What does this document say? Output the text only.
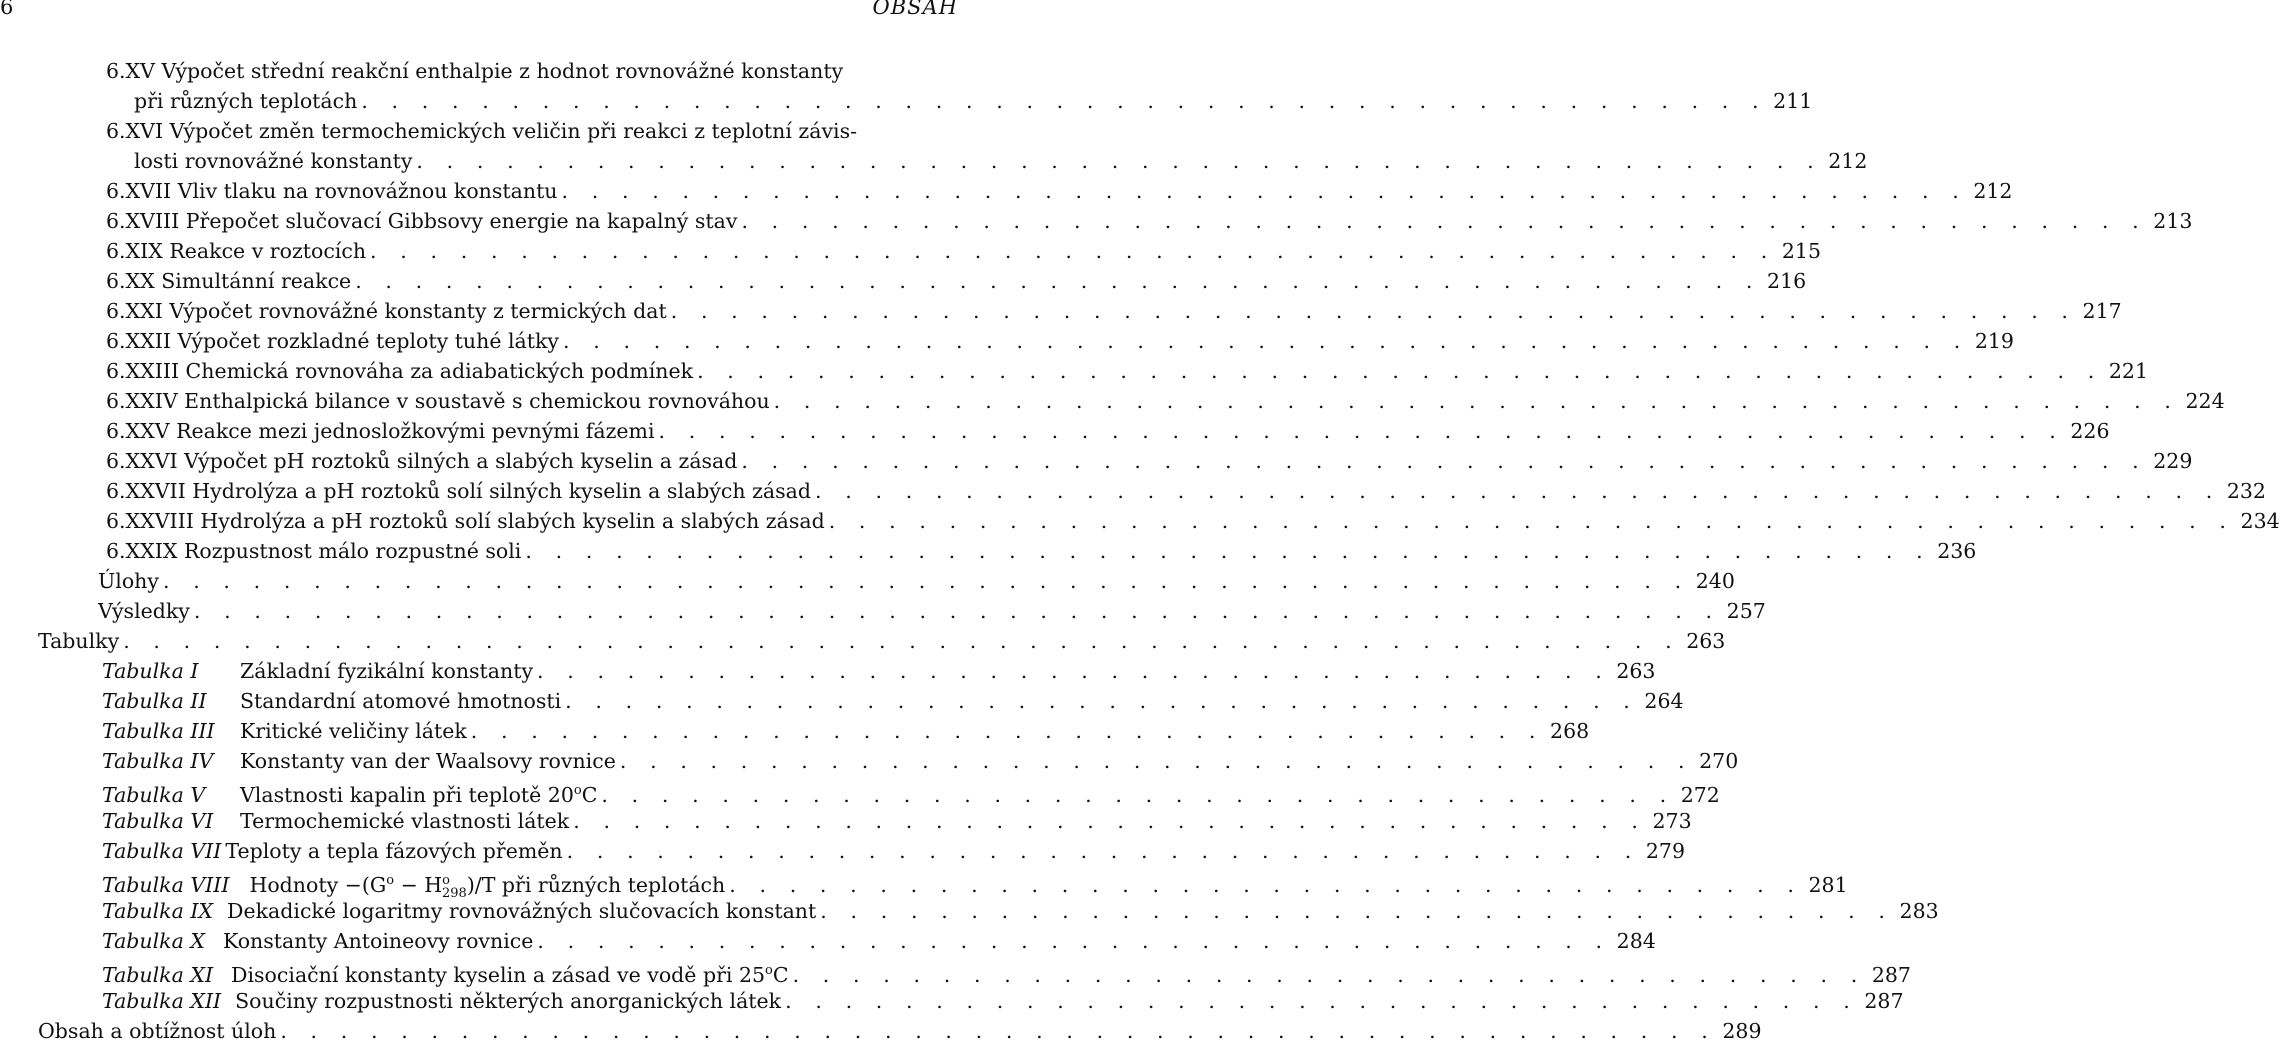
6	OBSAH
6.XV Výpočet střední reakční enthalpie z hodnot rovnovážné konstanty
při různých teplotách . . . . . . . . . . . . . . . . . . . . . . . . . . . . . . . . . . . . . . . . . . . . . . . 211
6.XVI Výpočet změn termochemických veličin při reakci z teplotní závis-
losti rovnovážné konstanty . . . . . . . . . . . . . . . . . . . . . . . . . . . . . . . . . . . . . . . . . . . . . . . 212
6.XVII Vliv tlaku na rovnovážnou konstantu . . . . . . . . . . . . . . . . . . . . . . . . . . . . . . . . . . . . . . . . . . . . . . . 212
6.XVIII Přepočet slučovací Gibbsovy energie na kapalný stav . . . . . . . . . . . . . . . . . . . . . . . . . . . . . . . . . . . . . . . . . . . . . . . 213
6.XIX Reakce v roztocích . . . . . . . . . . . . . . . . . . . . . . . . . . . . . . . . . . . . . . . . . . . . . . . 215
6.XX Simultánní reakce . . . . . . . . . . . . . . . . . . . . . . . . . . . . . . . . . . . . . . . . . . . . . . . 216
6.XXI Výpočet rovnovážné konstanty z termických dat . . . . . . . . . . . . . . . . . . . . . . . . . . . . . . . . . . . . . . . . . . . . . . . 217
6.XXII Výpočet rozkladné teploty tuhé látky . . . . . . . . . . . . . . . . . . . . . . . . . . . . . . . . . . . . . . . . . . . . . . . 219
6.XXIII Chemická rovnováha za adiabatických podmínek . . . . . . . . . . . . . . . . . . . . . . . . . . . . . . . . . . . . . . . . . . . . . . . 221
6.XXIV Enthalpická bilance v soustavě s chemickou rovnováhou . . . . . . . . . . . . . . . . . . . . . . . . . . . . . . . . . . . . . . . . . . . . . . . 224
6.XXV Reakce mezi jednosložkovými pevnými fázemi . . . . . . . . . . . . . . . . . . . . . . . . . . . . . . . . . . . . . . . . . . . . . . . 226
6.XXVI Výpočet pH roztoků silných a slabých kyselin a zásad . . . . . . . . . . . . . . . . . . . . . . . . . . . . . . . . . . . . . . . . . . . . . . . 229
6.XXVII Hydrolýza a pH roztoků solí silných kyselin a slabých zásad . . . . . . . . . . . . . . . . . . . . . . . . . . . . . . . . . . . . . . . . . . . . . . . 232
6.XXVIII Hydrolýza a pH roztoků solí slabých kyselin a slabých zásad . . . . . . . . . . . . . . . . . . . . . . . . . . . . . . . . . . . . . . . . . . . . . . . 234
6.XXIX Rozpustnost málo rozpustné soli . . . . . . . . . . . . . . . . . . . . . . . . . . . . . . . . . . . . . . . . . . . . . . . 236
Úlohy . . . . . . . . . . . . . . . . . . . . . . . . . . . . . . . . . . . . . . . . . . . . . . . . . . . 240
Výsledky . . . . . . . . . . . . . . . . . . . . . . . . . . . . . . . . . . . . . . . . . . . . . . . . . . . 257
Tabulky . . . . . . . . . . . . . . . . . . . . . . . . . . . . . . . . . . . . . . . . . . . . . . . . . . . . 263
Tabulka I Základní fyzikální konstanty . . . . . . . . . . . . . . . . . . . . . . . . . . . . . . . . . . . . 263
Tabulka II Standardní atomové hmotnosti . . . . . . . . . . . . . . . . . . . . . . . . . . . . . . . . . . . . 264
Tabulka III Kritické veličiny látek . . . . . . . . . . . . . . . . . . . . . . . . . . . . . . . . . . . . 268
Tabulka IV Konstanty van der Waalsovy rovnice . . . . . . . . . . . . . . . . . . . . . . . . . . . . . . . . . . . . 270
Tabulka V Vlastnosti kapalin při teplotě 20$^o$C . . . . . . . . . . . . . . . . . . . . . . . . . . . . . . . . . . . . 272
Tabulka VI Termochemické vlastnosti látek . . . . . . . . . . . . . . . . . . . . . . . . . . . . . . . . . . . . 273
Tabulka VII Teploty a tepla fázových přeměn . . . . . . . . . . . . . . . . . . . . . . . . . . . . . . . . . . . . 279
Tabulka VIII Hodnoty $-(G^o - H^o_{298})/T$ při různých teplotách . . . . . . . . . . . . . . . . . . . . . . . . . . . . . . . . . . . . 281
Tabulka IX Dekadické logaritmy rovnovážných slučovacích konstant . . . . . . . . . . . . . . . . . . . . . . . . . . . . . . . . . . . . 283
Tabulka X Konstanty Antoineovy rovnice . . . . . . . . . . . . . . . . . . . . . . . . . . . . . . . . . . . . 284
Tabulka XI Disociační konstanty kyselin a zásad ve vodě při 25$^o$C . . . . . . . . . . . . . . . . . . . . . . . . . . . . . . . . . . . . 287
Tabulka XII Součiny rozpustnosti některých anorganických látek . . . . . . . . . . . . . . . . . . . . . . . . . . . . . . . . . . . . 287
Obsah a obtížnost úloh . . . . . . . . . . . . . . . . . . . . . . . . . . . . . . . . . . . . . . . . . . . . . . . . 289
